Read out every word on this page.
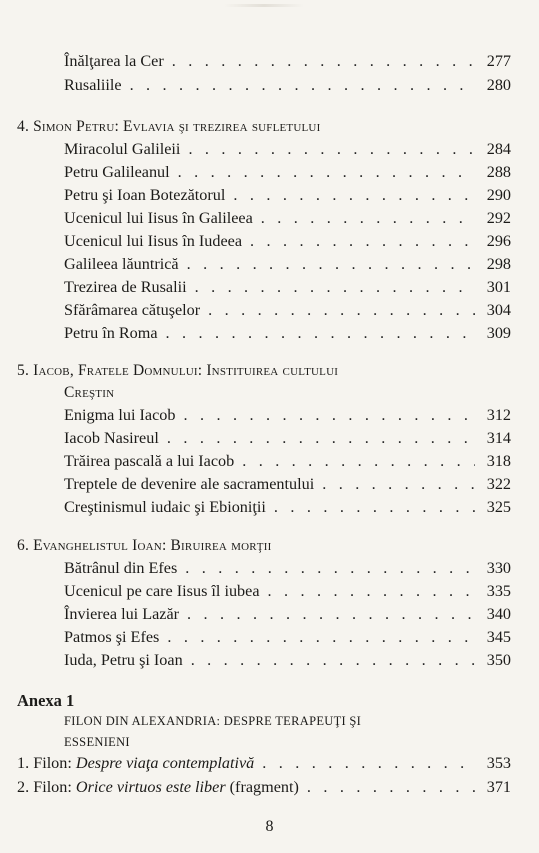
Înălţarea la Cer . . .	277
Rusaliile . . .	280
4. Simon Petru: Evlavia şi trezirea sufletului
Miracolul Galileii . . .	284
Petru Galileanul . . .	288
Petru şi Ioan Botezătorul . . .	290
Ucenicul lui Iisus în Galileea . . .	292
Ucenicul lui Iisus în Iudeea . . .	296
Galileea lăuntrică . . .	298
Trezirea de Rusalii . . .	301
Sfărâmarea cătuşelor . . .	304
Petru în Roma . . .	309
5. Iacob, Fratele Domnului: Instituirea cultului
Creştin
Enigma lui Iacob . . .	312
Iacob Nasireul . . .	314
Trăirea pascală a lui Iacob . . .	318
Treptele de devenire ale sacramentului . . .	322
Creştinismul iudaic şi Ebioniţii . . .	325
6. Evanghelistul Ioan: Biruirea morţii
Bătrânul din Efes . . .	330
Ucenicul pe care Iisus îl iubea . . .	335
Învierea lui Lazăr . . .	340
Patmos şi Efes . . .	345
Iuda, Petru şi Ioan . . .	350
Anexa 1
FILON DIN ALEXANDRIA: DESPRE TERAPEUŢI ŞI
ESSENIENI
1. Filon: Despre viaţa contemplativă . . .	353
2. Filon: Orice virtuos este liber (fragment) . . .	371
8
